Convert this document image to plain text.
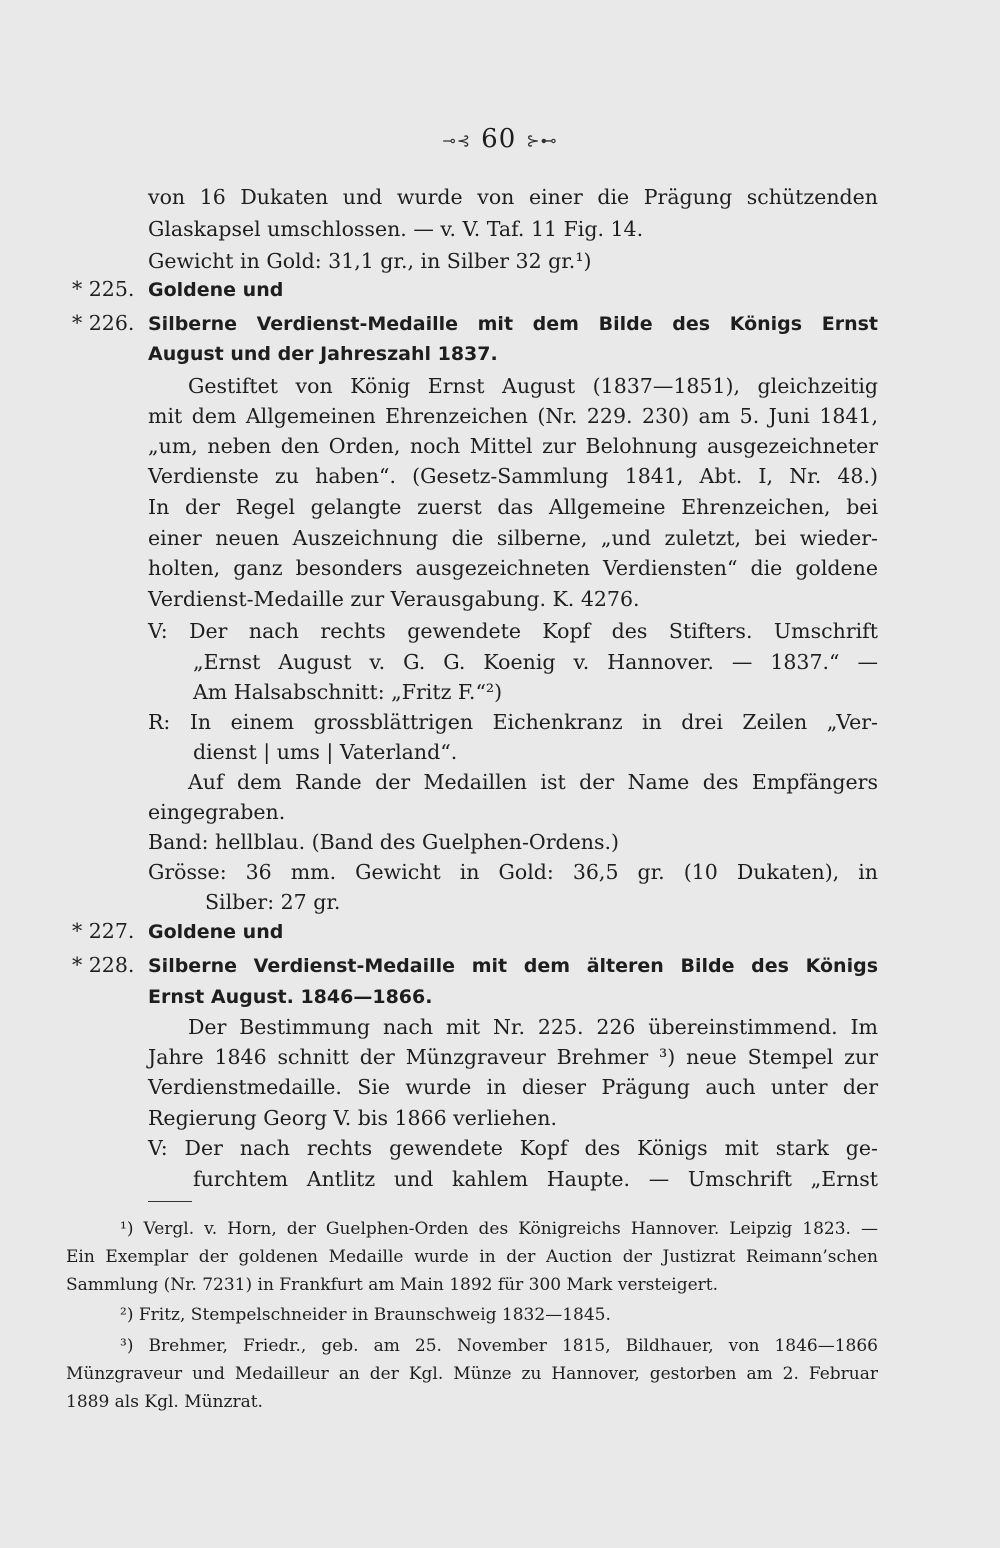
⊸⊰ 60 ⊱⊷
von 16 Dukaten und wurde von einer die Prägung schützenden
Glaskapsel umschlossen. — v. V. Taf. 11 Fig. 14.
Gewicht in Gold: 31,1 gr., in Silber 32 gr.¹)
* 225. Goldene und
* 226. Silberne Verdienst-Medaille mit dem Bilde des Königs Ernst
August und der Jahreszahl 1837.
Gestiftet von König Ernst August (1837—1851), gleichzeitig
mit dem Allgemeinen Ehrenzeichen (Nr. 229. 230) am 5. Juni 1841,
„um, neben den Orden, noch Mittel zur Belohnung ausgezeichneter
Verdienste zu haben“. (Gesetz-Sammlung 1841, Abt. I, Nr. 48.)
In der Regel gelangte zuerst das Allgemeine Ehrenzeichen, bei
einer neuen Auszeichnung die silberne, „und zuletzt, bei wieder-
holten, ganz besonders ausgezeichneten Verdiensten“ die goldene
Verdienst-Medaille zur Verausgabung. K. 4276.
V: Der nach rechts gewendete Kopf des Stifters. Umschrift
„Ernst August v. G. G. Koenig v. Hannover. — 1837.“ —
Am Halsabschnitt: „Fritz F.“²)
R: In einem grossblättrigen Eichenkranz in drei Zeilen „Ver-
dienst | ums | Vaterland“.
Auf dem Rande der Medaillen ist der Name des Empfängers
eingegraben.
Band: hellblau. (Band des Guelphen-Ordens.)
Grösse: 36 mm. Gewicht in Gold: 36,5 gr. (10 Dukaten), in
Silber: 27 gr.
* 227. Goldene und
* 228. Silberne Verdienst-Medaille mit dem älteren Bilde des Königs
Ernst August. 1846—1866.
Der Bestimmung nach mit Nr. 225. 226 übereinstimmend. Im
Jahre 1846 schnitt der Münzgraveur Brehmer ³) neue Stempel zur
Verdienstmedaille. Sie wurde in dieser Prägung auch unter der
Regierung Georg V. bis 1866 verliehen.
V: Der nach rechts gewendete Kopf des Königs mit stark ge-
furchtem Antlitz und kahlem Haupte. — Umschrift „Ernst
¹) Vergl. v. Horn, der Guelphen-Orden des Königreichs Hannover. Leipzig 1823. —
Ein Exemplar der goldenen Medaille wurde in der Auction der Justizrat Reimann’schen
Sammlung (Nr. 7231) in Frankfurt am Main 1892 für 300 Mark versteigert.
²) Fritz, Stempelschneider in Braunschweig 1832—1845.
³) Brehmer, Friedr., geb. am 25. November 1815, Bildhauer, von 1846—1866
Münzgraveur und Medailleur an der Kgl. Münze zu Hannover, gestorben am 2. Februar
1889 als Kgl. Münzrat.
